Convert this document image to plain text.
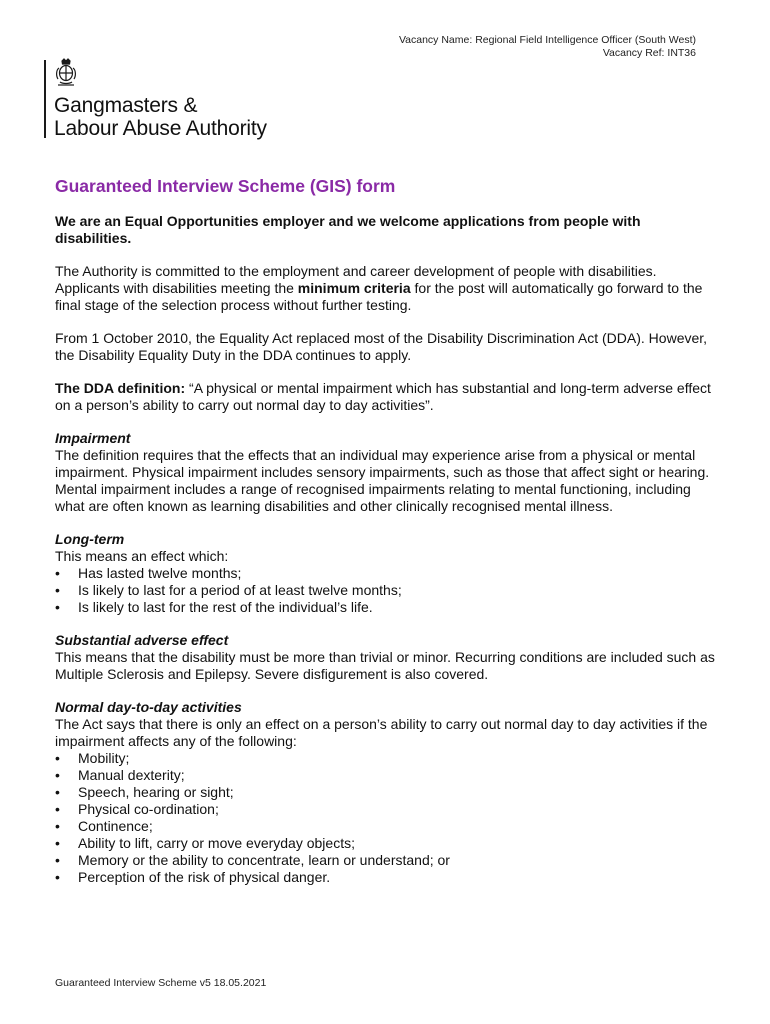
Vacancy Name: Regional Field Intelligence Officer (South West)
Vacancy Ref: INT36
Gangmasters &
Labour Abuse Authority
Guaranteed Interview Scheme (GIS) form

We are an Equal Opportunities employer and we welcome applications from people with disabilities.

The Authority is committed to the employment and career development of people with disabilities. Applicants with disabilities meeting the minimum criteria for the post will automatically go forward to the final stage of the selection process without further testing.

From 1 October 2010, the Equality Act replaced most of the Disability Discrimination Act (DDA). However, the Disability Equality Duty in the DDA continues to apply.

The DDA definition: “A physical or mental impairment which has substantial and long-term adverse effect on a person’s ability to carry out normal day to day activities”.

Impairment
The definition requires that the effects that an individual may experience arise from a physical or mental impairment. Physical impairment includes sensory impairments, such as those that affect sight or hearing. Mental impairment includes a range of recognised impairments relating to mental functioning, including what are often known as learning disabilities and other clinically recognised mental illness.
Long-term
This means an effect which:
• Has lasted twelve months;
• Is likely to last for a period of at least twelve months;
• Is likely to last for the rest of the individual’s life.
Substantial adverse effect
This means that the disability must be more than trivial or minor. Recurring conditions are included such as Multiple Sclerosis and Epilepsy. Severe disfigurement is also covered.
Normal day-to-day activities
The Act says that there is only an effect on a person’s ability to carry out normal day to day activities if the impairment affects any of the following:
• Mobility;
• Manual dexterity;
• Speech, hearing or sight;
• Physical co-ordination;
• Continence;
• Ability to lift, carry or move everyday objects;
• Memory or the ability to concentrate, learn or understand; or
• Perception of the risk of physical danger.
Guaranteed Interview Scheme v5 18.05.2021
